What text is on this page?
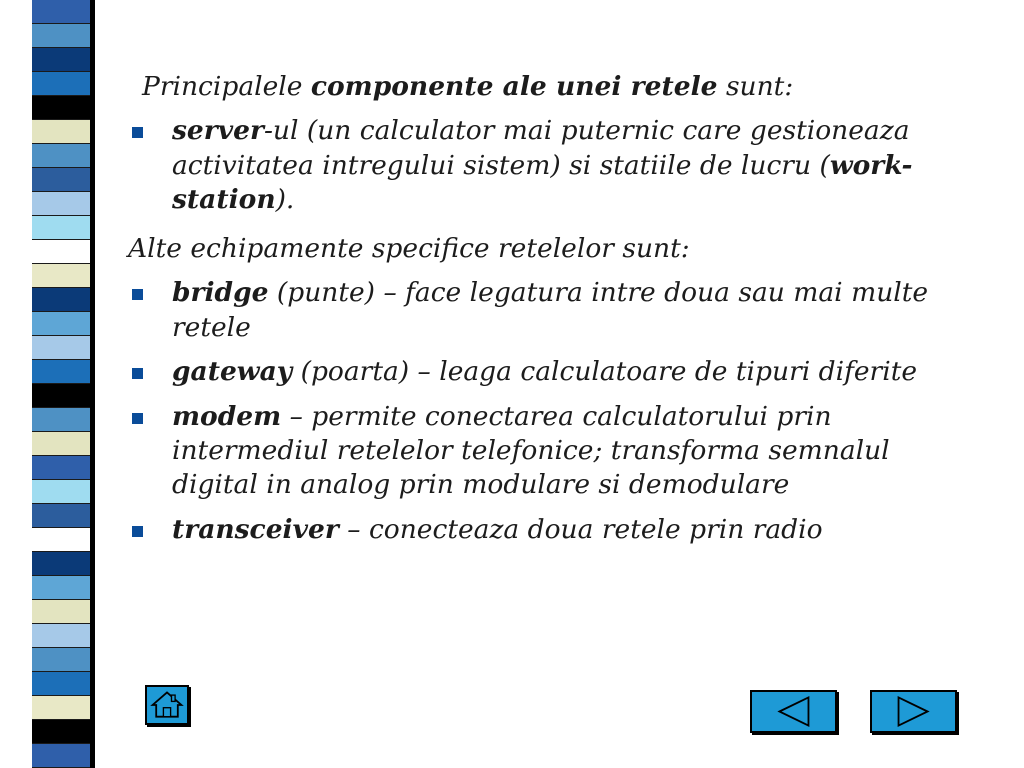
Principalele componente ale unei retele sunt:
server-ul (un calculator mai puternic care gestioneaza activitatea intregului sistem) si statiile de lucru (work-station).
Alte echipamente specifice retelelor sunt:
bridge (punte) – face legatura intre doua sau mai multe retele
gateway (poarta) – leaga calculatoare de tipuri diferite
modem – permite conectarea calculatorului prin intermediul retelelor telefonice; transforma semnalul digital in analog prin modulare si demodulare
transceiver – conecteaza doua retele prin radio
